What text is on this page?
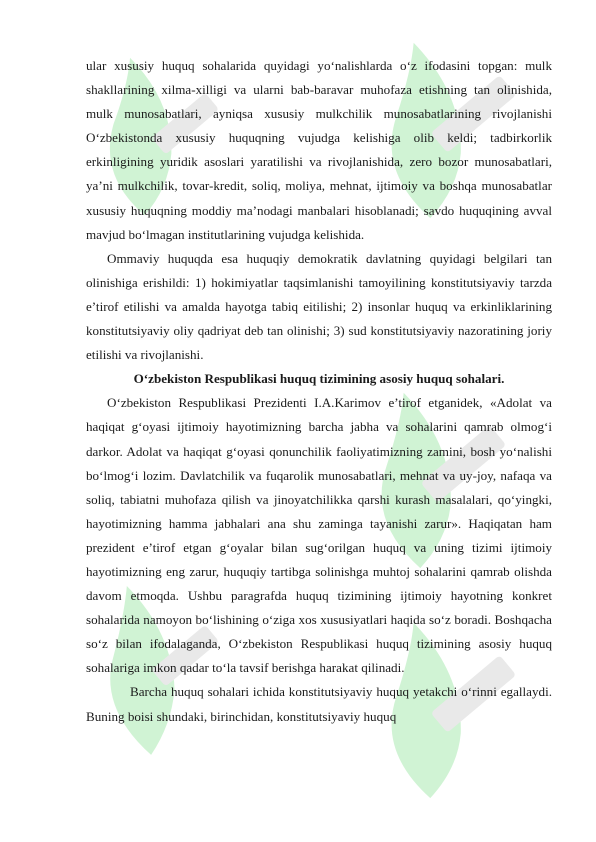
ular xususiy huquq sohalarida quyidagi yo‘nalishlarda o‘z ifodasini topgan: mulk shakllarining xilma-xilligi va ularni bab-baravar muhofaza etishning tan olinishida, mulk munosabatlari, ayniqsa xususiy mulkchilik munosabatlarining rivojlanishi O‘zbekistonda xususiy huquqning vujudga kelishiga olib keldi; tadbirkorlik erkinligining yuridik asoslari yaratilishi va rivojlanishida, zero bozor munosabatlari, ya’ni mulkchilik, tovar-kredit, soliq, moliya, mehnat, ijtimoiy va boshqa munosabatlar xususiy huquqning moddiy ma’nodagi manbalari hisoblanadi; savdo huquqining avval mavjud bo‘lmagan institutlarining vujudga kelishida.

Ommaviy huquqda esa huquqiy demokratik davlatning quyidagi belgilari tan olinishiga erishildi: 1) hokimiyatlar taqsimlanishi tamoyilining konstitutsiyaviy tarzda e’tirof etilishi va amalda hayotga tabiq eitilishi; 2) insonlar huquq va erkinliklarining konstitutsiyaviy oliy qadriyat deb tan olinishi; 3) sud konstitutsiyaviy nazoratining joriy etilishi va rivojlanishi.

O‘zbekiston Respublikasi huquq tizimining asosiy huquq sohalari.

O‘zbekiston Respublikasi Prezidenti I.A.Karimov e’tirof etganidek, «Adolat va haqiqat g‘oyasi ijtimoiy hayotimizning barcha jabha va sohalarini qamrab olmog‘i darkor. Adolat va haqiqat g‘oyasi qonunchilik faoliyatimizning zamini, bosh yo‘nalishi bo‘lmog‘i lozim. Davlatchilik va fuqarolik munosabatlari, mehnat va uy-joy, nafaqa va soliq, tabiatni muhofaza qilish va jinoyatchilikka qarshi kurash masalalari, qo‘yingki, hayotimizning hamma jabhalari ana shu zaminga tayanishi zarur». Haqiqatan ham prezident e’tirof etgan g‘oyalar bilan sug‘orilgan huquq va uning tizimi ijtimoiy hayotimizning eng zarur, huquqiy tartibga solinishga muhtoj sohalarini qamrab olishda davom etmoqda. Ushbu paragrafda huquq tizimining ijtimoiy hayotning konkret sohalarida namoyon bo‘lishining o‘ziga xos xususiyatlari haqida so‘z boradi. Boshqacha so‘z bilan ifodalaganda, O‘zbekiston Respublikasi huquq tizimining asosiy huquq sohalariga imkon qadar to‘la tavsif berishga harakat qilinadi.

Barcha huquq sohalari ichida konstitutsiyaviy huquq yetakchi o‘rinni egallaydi. Buning boisi shundaki, birinchidan, konstitutsiyaviy huquq
